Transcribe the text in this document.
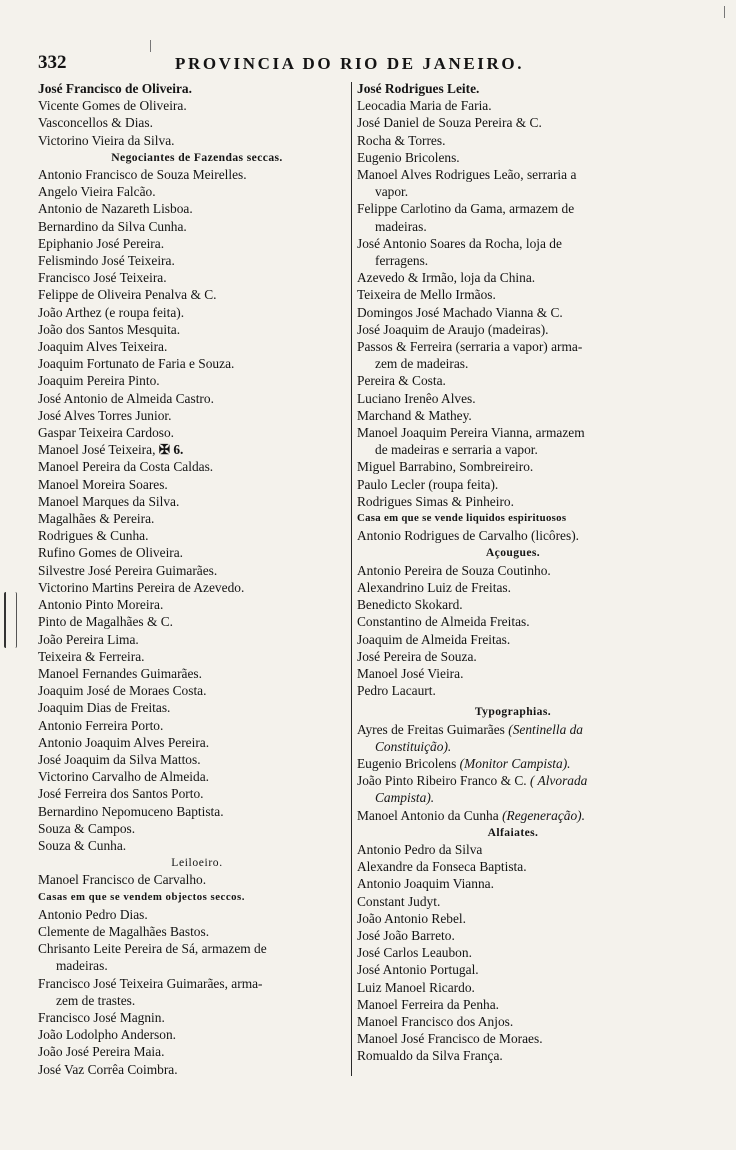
332	PROVINCIA DO RIO DE JANEIRO.
José Francisco de Oliveira.
Vicente Gomes de Oliveira.
Vasconcellos & Dias.
Victorino Vieira da Silva.
Negociantes de Fazendas seccas.
Antonio Francisco de Souza Meirelles.
Angelo Vieira Falcão.
Antonio de Nazareth Lisboa.
Bernardino da Silva Cunha.
Epiphanio José Pereira.
Felismindo José Teixeira.
Francisco José Teixeira.
Felippe de Oliveira Penalva & C.
João Arthez (e roupa feita).
João dos Santos Mesquita.
Joaquim Alves Teixeira.
Joaquim Fortunato de Faria e Souza.
Joaquim Pereira Pinto.
José Antonio de Almeida Castro.
José Alves Torres Junior.
Gaspar Teixeira Cardoso.
Manoel José Teixeira, ✠ 6.
Manoel Pereira da Costa Caldas.
Manoel Moreira Soares.
Manoel Marques da Silva.
Magalhães & Pereira.
Rodrigues & Cunha.
Rufino Gomes de Oliveira.
Silvestre José Pereira Guimarães.
Victorino Martins Pereira de Azevedo.
Antonio Pinto Moreira.
Pinto de Magalhães & C.
João Pereira Lima.
Teixeira & Ferreira.
Manoel Fernandes Guimarães.
Joaquim José de Moraes Costa.
Joaquim Dias de Freitas.
Antonio Ferreira Porto.
Antonio Joaquim Alves Pereira.
José Joaquim da Silva Mattos.
Victorino Carvalho de Almeida.
José Ferreira dos Santos Porto.
Bernardino Nepomuceno Baptista.
Souza & Campos.
Souza & Cunha.
Leiloeiro.
Manoel Francisco de Carvalho.
Casas em que se vendem objectos seccos.
Antonio Pedro Dias.
Clemente de Magalhães Bastos.
Chrisanto Leite Pereira de Sá, armazem de
madeiras.
Francisco José Teixeira Guimarães, arma-
zem de trastes.
Francisco José Magnin.
João Lodolpho Anderson.
João José Pereira Maia.
José Vaz Corrêa Coimbra.
José Rodrigues Leite.
Leocadia Maria de Faria.
José Daniel de Souza Pereira & C.
Rocha & Torres.
Eugenio Bricolens.
Manoel Alves Rodrigues Leão, serraria a
vapor.
Felippe Carlotino da Gama, armazem de
madeiras.
José Antonio Soares da Rocha, loja de
ferragens.
Azevedo & Irmão, loja da China.
Teixeira de Mello Irmãos.
Domingos José Machado Vianna & C.
José Joaquim de Araujo (madeiras).
Passos & Ferreira (serraria a vapor) arma-
zem de madeiras.
Pereira & Costa.
Luciano Irenêo Alves.
Marchand & Mathey.
Manoel Joaquim Pereira Vianna, armazem
de madeiras e serraria a vapor.
Miguel Barrabino, Sombreireiro.
Paulo Lecler (roupa feita).
Rodrigues Simas & Pinheiro.
Casa em que se vende liquidos espirituosos
Antonio Rodrigues de Carvalho (licôres).
Açougues.
Antonio Pereira de Souza Coutinho.
Alexandrino Luiz de Freitas.
Benedicto Skokard.
Constantino de Almeida Freitas.
Joaquim de Almeida Freitas.
José Pereira de Souza.
Manoel José Vieira.
Pedro Lacaurt.
Typographias.
Ayres de Freitas Guimarães (Sentinella da
Constituição).
Eugenio Bricolens (Monitor Campista).
João Pinto Ribeiro Franco & C. ( Alvorada
Campista).
Manoel Antonio da Cunha (Regeneração).
Alfaiates.
Antonio Pedro da Silva
Alexandre da Fonseca Baptista.
Antonio Joaquim Vianna.
Constant Judyt.
João Antonio Rebel.
José João Barreto.
José Carlos Leaubon.
José Antonio Portugal.
Luiz Manoel Ricardo.
Manoel Ferreira da Penha.
Manoel Francisco dos Anjos.
Manoel José Francisco de Moraes.
Romualdo da Silva França.
